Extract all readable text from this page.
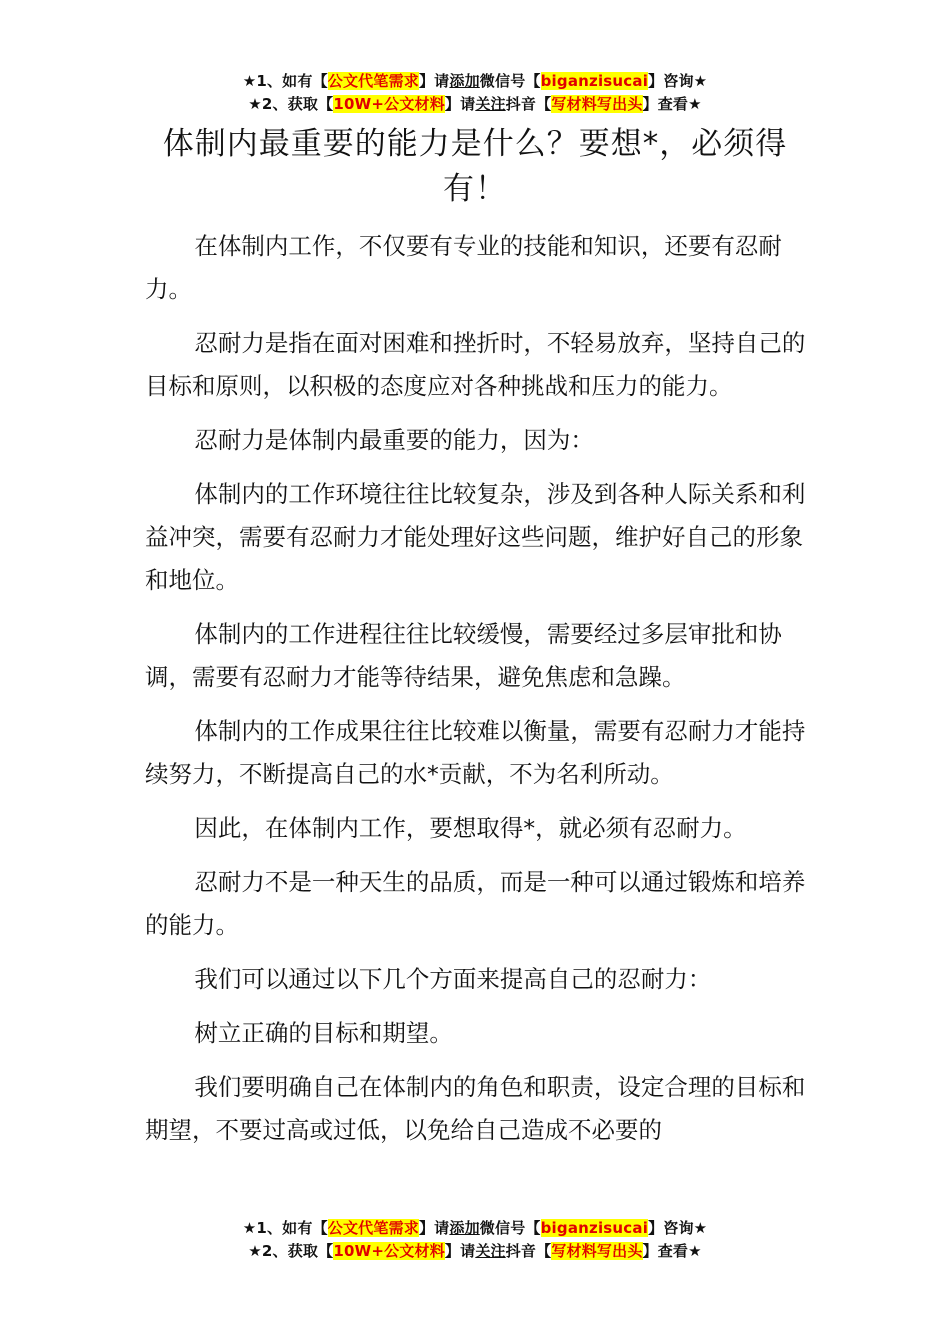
★1、如有【公文代笔需求】请添加微信号【biganzisucai】咨询★
★2、获取【10W+公文材料】请关注抖音【写材料写出头】查看★
体制内最重要的能力是什么？要想*，必须得有！

在体制内工作，不仅要有专业的技能和知识，还要有忍耐力。

忍耐力是指在面对困难和挫折时，不轻易放弃，坚持自己的目标和原则，以积极的态度应对各种挑战和压力的能力。

忍耐力是体制内最重要的能力，因为：

体制内的工作环境往往比较复杂，涉及到各种人际关系和利益冲突，需要有忍耐力才能处理好这些问题，维护好自己的形象和地位。

体制内的工作进程往往比较缓慢，需要经过多层审批和协调，需要有忍耐力才能等待结果，避免焦虑和急躁。

体制内的工作成果往往比较难以衡量，需要有忍耐力才能持续努力，不断提高自己的水*贡献，不为名利所动。

因此，在体制内工作，要想取得*，就必须有忍耐力。

忍耐力不是一种天生的品质，而是一种可以通过锻炼和培养的能力。

我们可以通过以下几个方面来提高自己的忍耐力：

树立正确的目标和期望。

我们要明确自己在体制内的角色和职责，设定合理的目标和期望，不要过高或过低，以免给自己造成不必要的

★1、如有【公文代笔需求】请添加微信号【biganzisucai】咨询★
★2、获取【10W+公文材料】请关注抖音【写材料写出头】查看★
